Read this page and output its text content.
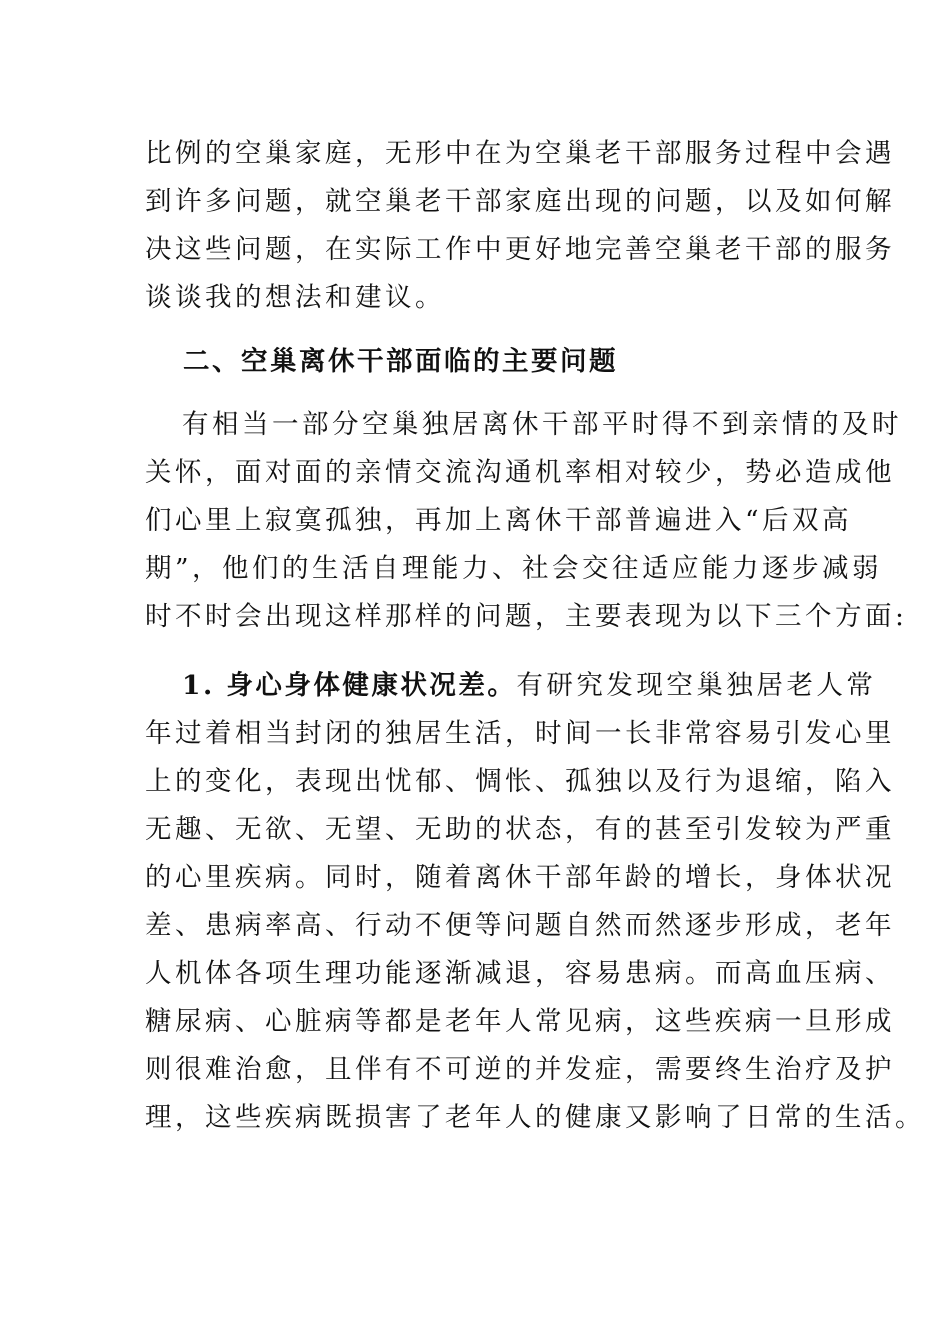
比例的空巢家庭，无形中在为空巢老干部服务过程中会遇
到许多问题，就空巢老干部家庭出现的问题，以及如何解
决这些问题，在实际工作中更好地完善空巢老干部的服务
谈谈我的想法和建议。
二、空巢离休干部面临的主要问题
有相当一部分空巢独居离休干部平时得不到亲情的及时
关怀，面对面的亲情交流沟通机率相对较少，势必造成他
们心里上寂寞孤独，再加上离休干部普遍进入“后双高
期”，他们的生活自理能力、社会交往适应能力逐步减弱
时不时会出现这样那样的问题，主要表现为以下三个方面:
1. 身心身体健康状况差。有研究发现空巢独居老人常
年过着相当封闭的独居生活，时间一长非常容易引发心里
上的变化，表现出忧郁、惆怅、孤独以及行为退缩，陷入
无趣、无欲、无望、无助的状态，有的甚至引发较为严重
的心里疾病。同时，随着离休干部年龄的增长，身体状况
差、患病率高、行动不便等问题自然而然逐步形成，老年
人机体各项生理功能逐渐减退，容易患病。而高血压病、
糖尿病、心脏病等都是老年人常见病，这些疾病一旦形成
则很难治愈，且伴有不可逆的并发症，需要终生治疗及护
理，这些疾病既损害了老年人的健康又影响了日常的生活。
